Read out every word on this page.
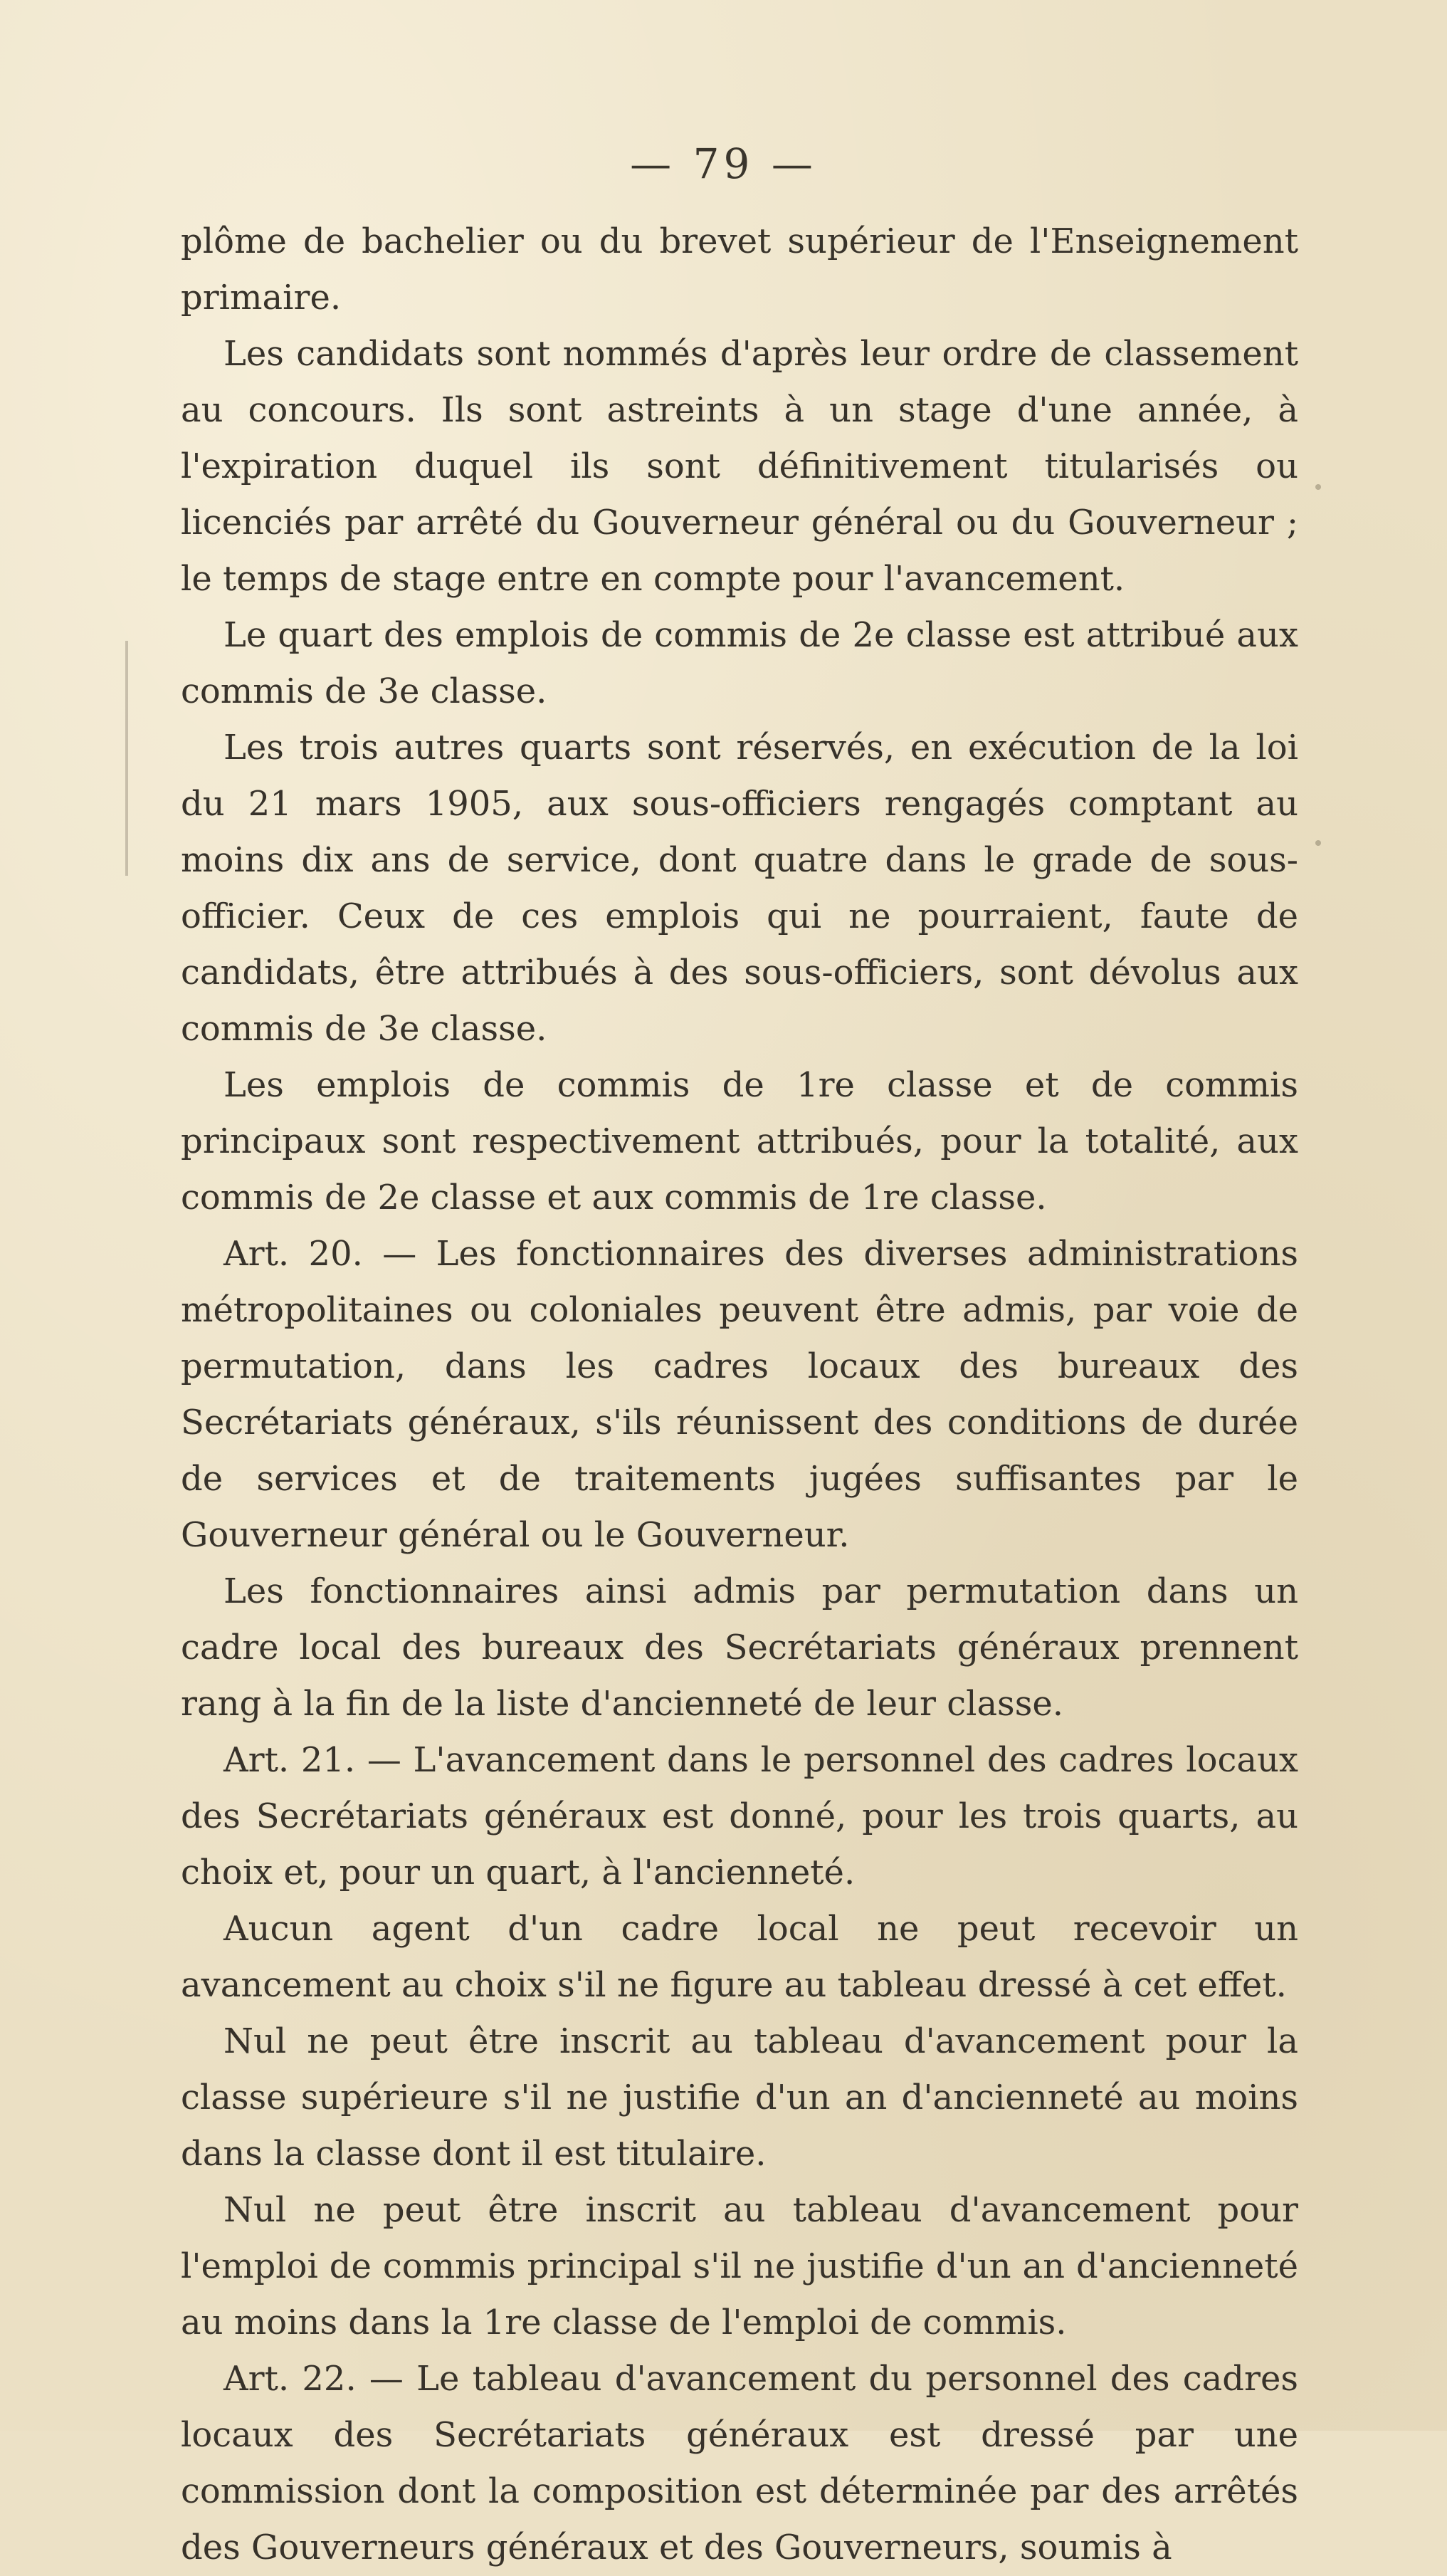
— 79 —

plôme de bachelier ou du brevet supérieur de l'Enseignement primaire.

Les candidats sont nommés d'après leur ordre de classement au concours. Ils sont astreints à un stage d'une année, à l'expiration duquel ils sont définitivement titularisés ou licenciés par arrêté du Gouverneur général ou du Gouverneur ; le temps de stage entre en compte pour l'avancement.

Le quart des emplois de commis de 2e classe est attribué aux commis de 3e classe.

Les trois autres quarts sont réservés, en exécution de la loi du 21 mars 1905, aux sous-officiers rengagés comptant au moins dix ans de service, dont quatre dans le grade de sous-officier. Ceux de ces emplois qui ne pourraient, faute de candidats, être attribués à des sous-officiers, sont dévolus aux commis de 3e classe.

Les emplois de commis de 1re classe et de commis principaux sont respectivement attribués, pour la totalité, aux commis de 2e classe et aux commis de 1re classe.

Art. 20. — Les fonctionnaires des diverses administrations métropolitaines ou coloniales peuvent être admis, par voie de permutation, dans les cadres locaux des bureaux des Secrétariats généraux, s'ils réunissent des conditions de durée de services et de traitements jugées suffisantes par le Gouverneur général ou le Gouverneur.

Les fonctionnaires ainsi admis par permutation dans un cadre local des bureaux des Secrétariats généraux prennent rang à la fin de la liste d'ancienneté de leur classe.

Art. 21. — L'avancement dans le personnel des cadres locaux des Secrétariats généraux est donné, pour les trois quarts, au choix et, pour un quart, à l'ancienneté.

Aucun agent d'un cadre local ne peut recevoir un avancement au choix s'il ne figure au tableau dressé à cet effet.

Nul ne peut être inscrit au tableau d'avancement pour la classe supérieure s'il ne justifie d'un an d'ancienneté au moins dans la classe dont il est titulaire.

Nul ne peut être inscrit au tableau d'avancement pour l'emploi de commis principal s'il ne justifie d'un an d'ancienneté au moins dans la 1re classe de l'emploi de commis.

Art. 22. — Le tableau d'avancement du personnel des cadres locaux des Secrétariats généraux est dressé par une commission dont la composition est déterminée par des arrêtés des Gouverneurs généraux et des Gouverneurs, soumis à
